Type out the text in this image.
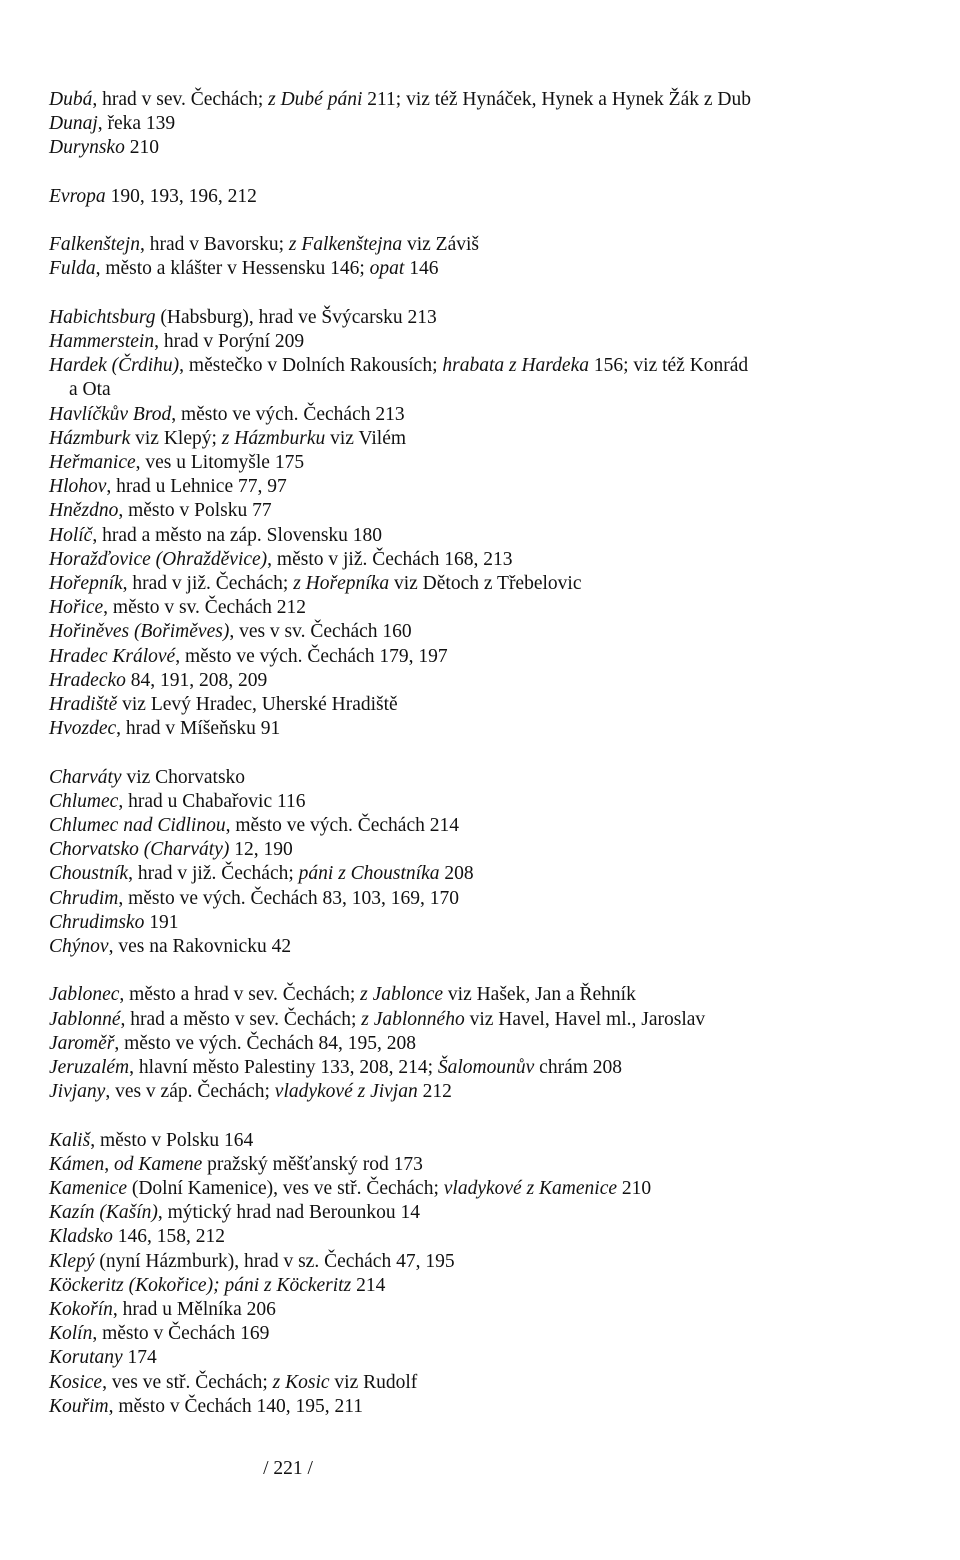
Dubá, hrad v sev. Čechách; z Dubé páni 211; viz též Hynáček, Hynek a Hynek Žák z Dub
Dunaj, řeka 139
Durynsko 210
Evropa 190, 193, 196, 212
Falkenštejn, hrad v Bavorsku; z Falkenštejna viz Záviš
Fulda, město a klášter v Hessensku 146; opat 146
Habichtsburg (Habsburg), hrad ve Švýcarsku 213
Hammerstein, hrad v Porýní 209
Hardek (Črdihu), městečko v Dolních Rakousích; hrabata z Hardeka 156; viz též Konrád
a Ota
Havlíčkův Brod, město ve vých. Čechách 213
Házmburk viz Klepý; z Házmburku viz Vilém
Heřmanice, ves u Litomyšle 175
Hlohov, hrad u Lehnice 77, 97
Hnězdno, město v Polsku 77
Holíč, hrad a město na záp. Slovensku 180
Horažďovice (Ohražděvice), město v již. Čechách 168, 213
Hořepník, hrad v již. Čechách; z Hořepníka viz Dětoch z Třebelovic
Hořice, město v sv. Čechách 212
Hořiněves (Bořiměves), ves v sv. Čechách 160
Hradec Králové, město ve vých. Čechách 179, 197
Hradecko 84, 191, 208, 209
Hradiště viz Levý Hradec, Uherské Hradiště
Hvozdec, hrad v Míšeňsku 91
Charváty viz Chorvatsko
Chlumec, hrad u Chabařovic 116
Chlumec nad Cidlinou, město ve vých. Čechách 214
Chorvatsko (Charváty) 12, 190
Choustník, hrad v již. Čechách; páni z Choustníka 208
Chrudim, město ve vých. Čechách 83, 103, 169, 170
Chrudimsko 191
Chýnov, ves na Rakovnicku 42
Jablonec, město a hrad v sev. Čechách; z Jablonce viz Hašek, Jan a Řehník
Jablonné, hrad a město v sev. Čechách; z Jablonného viz Havel, Havel ml., Jaroslav
Jaroměř, město ve vých. Čechách 84, 195, 208
Jeruzalém, hlavní město Palestiny 133, 208, 214; Šalomounův chrám 208
Jivjany, ves v záp. Čechách; vladykové z Jivjan 212
Kališ, město v Polsku 164
Kámen, od Kamene pražský měšťanský rod 173
Kamenice (Dolní Kamenice), ves ve stř. Čechách; vladykové z Kamenice 210
Kazín (Kašín), mýtický hrad nad Berounkou 14
Kladsko 146, 158, 212
Klepý (nyní Házmburk), hrad v sz. Čechách 47, 195
Köckeritz (Kokořice); páni z Köckeritz 214
Kokořín, hrad u Mělníka 206
Kolín, město v Čechách 169
Korutany 174
Kosice, ves ve stř. Čechách; z Kosic viz Rudolf
Kouřim, město v Čechách 140, 195, 211
/ 221 /
